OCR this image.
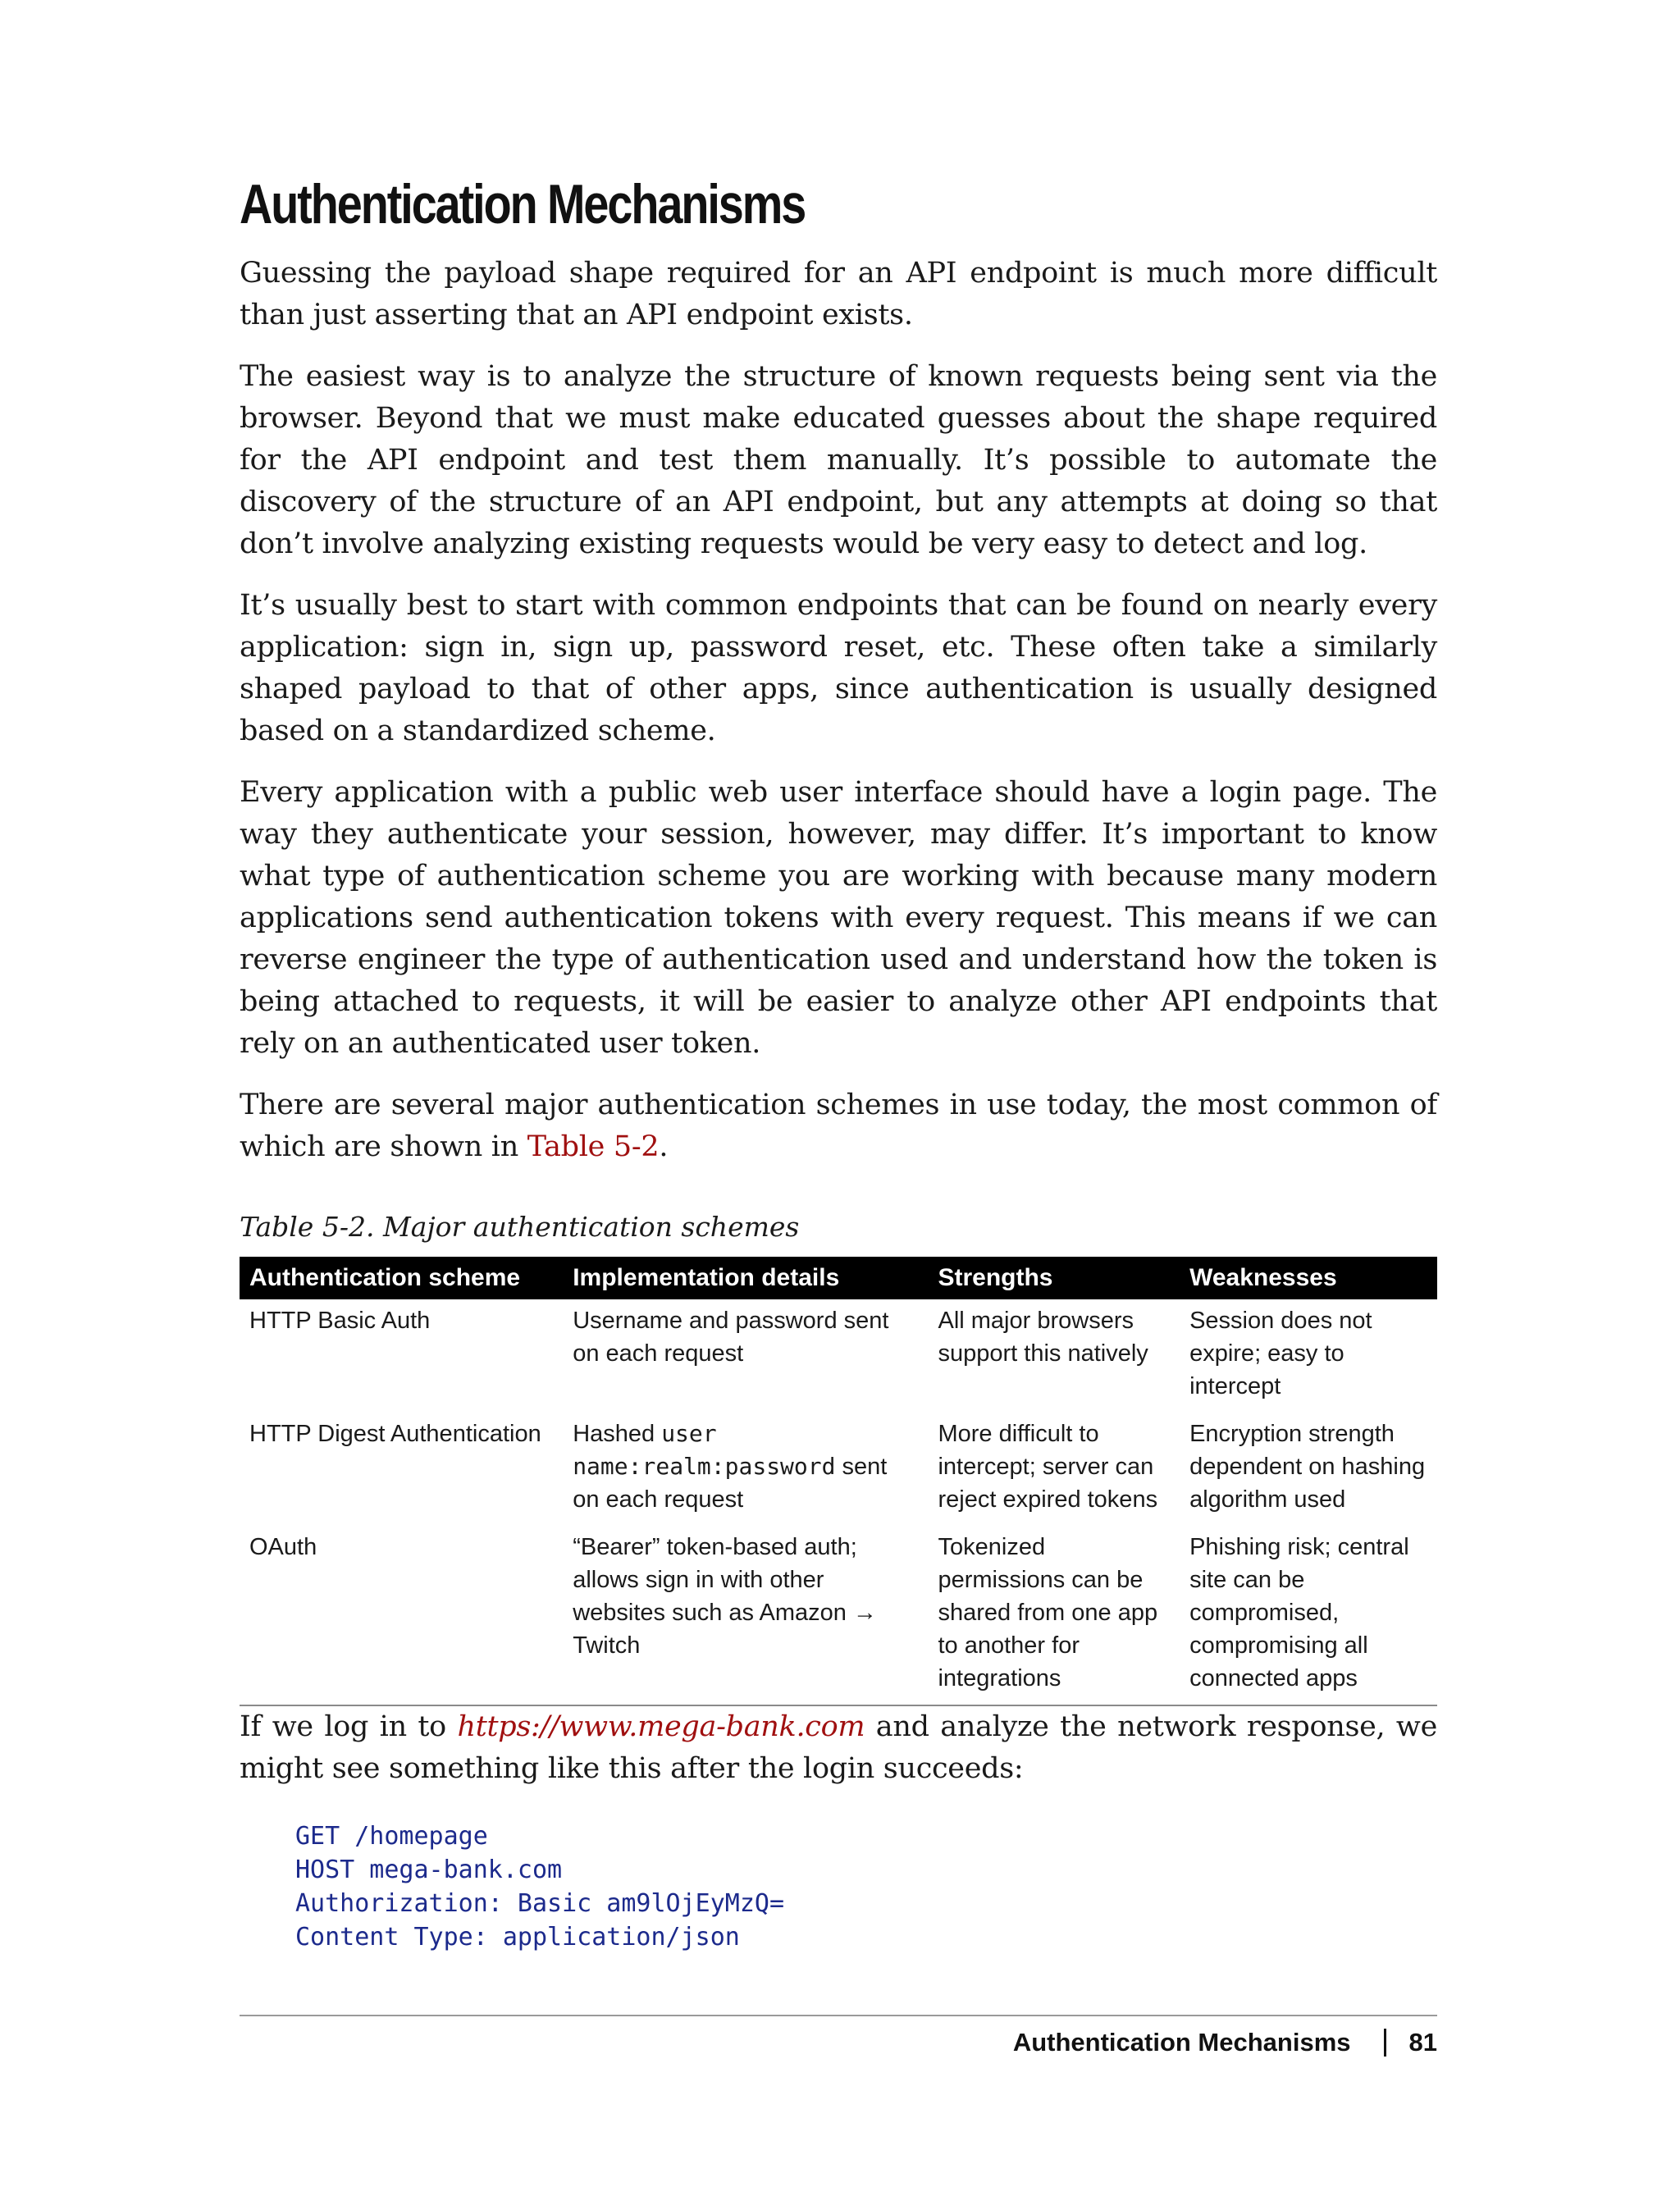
Authentication Mechanisms

Guessing the payload shape required for an API endpoint is much more difficult than just asserting that an API endpoint exists.

The easiest way is to analyze the structure of known requests being sent via the browser. Beyond that we must make educated guesses about the shape required for the API endpoint and test them manually. It’s possible to automate the discovery of the structure of an API endpoint, but any attempts at doing so that don’t involve analyzing existing requests would be very easy to detect and log.

It’s usually best to start with common endpoints that can be found on nearly every application: sign in, sign up, password reset, etc. These often take a similarly shaped payload to that of other apps, since authentication is usually designed based on a standardized scheme.

Every application with a public web user interface should have a login page. The way they authenticate your session, however, may differ. It’s important to know what type of authentication scheme you are working with because many modern applications send authentication tokens with every request. This means if we can reverse engineer the type of authentication used and understand how the token is being attached to requests, it will be easier to analyze other API endpoints that rely on an authenticated user token.

There are several major authentication schemes in use today, the most common of which are shown in Table 5-2.

Table 5-2. Major authentication schemes
Authentication scheme	Implementation details	Strengths	Weaknesses
HTTP Basic Auth	Username and password sent on each request	All major browsers support this natively	Session does not expire; easy to intercept
HTTP Digest Authentication	Hashed user name:realm:password sent on each request	More difficult to intercept; server can reject expired tokens	Encryption strength dependent on hashing algorithm used
OAuth	“Bearer” token-based auth; allows sign in with other websites such as Amazon → Twitch	Tokenized permissions can be shared from one app to another for integrations	Phishing risk; central site can be compromised, compromising all connected apps

If we log in to https://www.mega-bank.com and analyze the network response, we might see something like this after the login succeeds:

GET /homepage
HOST mega-bank.com
Authorization: Basic am9lOjEyMzQ=
Content Type: application/json
Authentication Mechanisms 81
